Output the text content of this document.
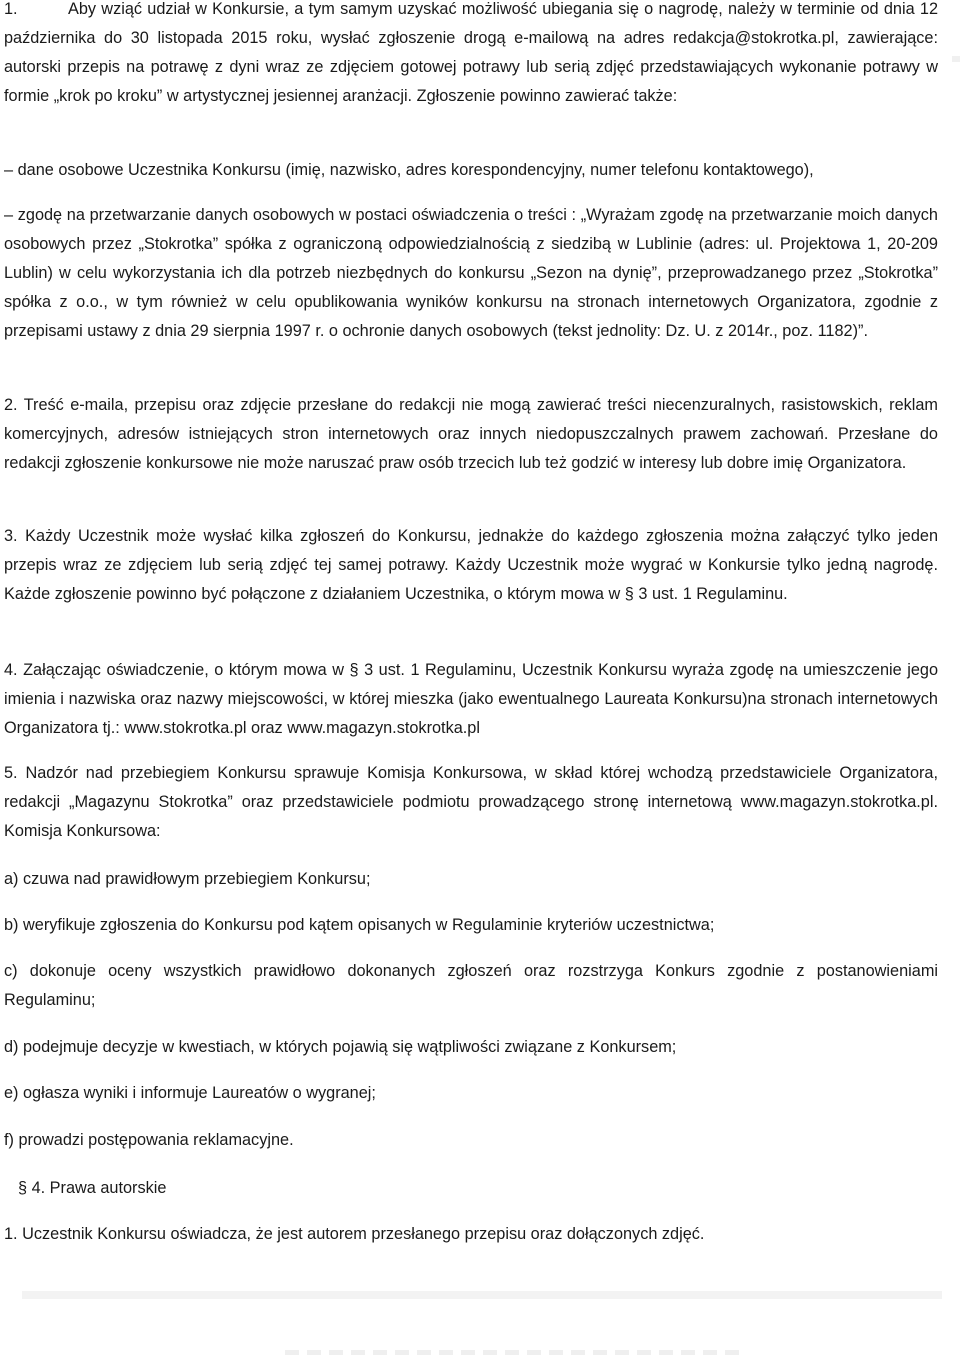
1.	Aby wziąć udział w Konkursie, a tym samym uzyskać możliwość ubiegania się o nagrodę, należy w terminie od dnia 12 października do 30 listopada 2015 roku, wysłać zgłoszenie drogą e-mailową na adres redakcja@stokrotka.pl, zawierające: autorski przepis na potrawę z dyni wraz ze zdjęciem gotowej potrawy lub serią zdjęć przedstawiających wykonanie potrawy w formie „krok po kroku” w artystycznej jesiennej aranżacji. Zgłoszenie powinno zawierać także:

– dane osobowe Uczestnika Konkursu (imię, nazwisko, adres korespondencyjny, numer telefonu kontaktowego),

– zgodę na przetwarzanie danych osobowych w postaci oświadczenia o treści : „Wyrażam zgodę na przetwarzanie moich danych osobowych przez „Stokrotka” spółka z ograniczoną odpowiedzialnością z siedzibą w Lublinie (adres: ul. Projektowa 1, 20-209 Lublin) w celu wykorzystania ich dla potrzeb niezbędnych do konkursu „Sezon na dynię”, przeprowadzanego przez „Stokrotka” spółka z o.o., w tym również w celu opublikowania wyników konkursu na stronach internetowych Organizatora, zgodnie z przepisami ustawy z dnia 29 sierpnia 1997 r. o ochronie danych osobowych (tekst jednolity: Dz. U. z 2014r., poz. 1182)”.

2. Treść e-maila, przepisu oraz zdjęcie przesłane do redakcji nie mogą zawierać treści niecenzuralnych, rasistowskich, reklam komercyjnych, adresów istniejących stron internetowych oraz innych niedopuszczalnych prawem zachowań. Przesłane do redakcji zgłoszenie konkursowe nie może naruszać praw osób trzecich lub też godzić w interesy lub dobre imię Organizatora.

3. Każdy Uczestnik może wysłać kilka zgłoszeń do Konkursu, jednakże do każdego zgłoszenia można załączyć tylko jeden przepis wraz ze zdjęciem lub serią zdjęć tej samej potrawy. Każdy Uczestnik może wygrać w Konkursie tylko jedną nagrodę. Każde zgłoszenie powinno być połączone z działaniem Uczestnika, o którym mowa w § 3 ust. 1 Regulaminu.

4. Załączając oświadczenie, o którym mowa w § 3 ust. 1 Regulaminu, Uczestnik Konkursu wyraża zgodę na umieszczenie jego imienia i nazwiska oraz nazwy miejscowości, w której mieszka (jako ewentualnego Laureata Konkursu)na stronach internetowych Organizatora tj.: www.stokrotka.pl oraz www.magazyn.stokrotka.pl

5. Nadzór nad przebiegiem Konkursu sprawuje Komisja Konkursowa, w skład której wchodzą przedstawiciele Organizatora, redakcji „Magazynu Stokrotka” oraz przedstawiciele podmiotu prowadzącego stronę internetową www.magazyn.stokrotka.pl. Komisja Konkursowa:

a) czuwa nad prawidłowym przebiegiem Konkursu;

b) weryfikuje zgłoszenia do Konkursu pod kątem opisanych w Regulaminie kryteriów uczestnictwa;

c) dokonuje oceny wszystkich prawidłowo dokonanych zgłoszeń oraz rozstrzyga Konkurs zgodnie z postanowieniami Regulaminu;

d) podejmuje decyzje w kwestiach, w których pojawią się wątpliwości związane z Konkursem;

e) ogłasza wyniki i informuje Laureatów o wygranej;

f) prowadzi postępowania reklamacyjne.

§ 4. Prawa autorskie

1. Uczestnik Konkursu oświadcza, że jest autorem przesłanego przepisu oraz dołączonych zdjęć.
